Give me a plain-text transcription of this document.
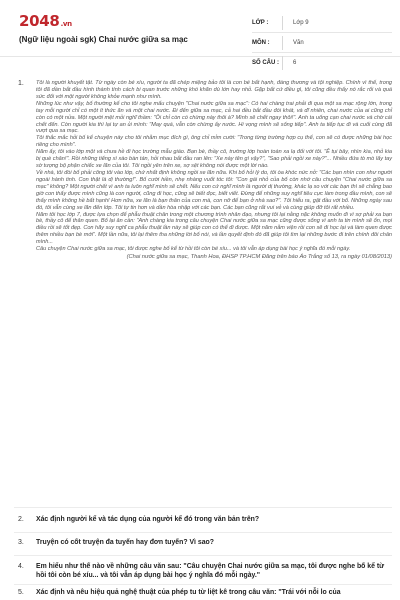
2048.vn
(Ngữ liệu ngoài sgk) Chai nước giữa sa mạc
LỚP :	Lớp 9
MÔN :	Văn
SỐ CÂU :	6
1. Tôi là người khuyết tật. Từ ngày còn bé xíu, người ta đã chép miệng bảo tôi là con bé bất hạnh, đáng thương và tội nghiệp. Chính vì thế, trong tôi đã dần bắt đầu hình thành tính cách bi quan trước những khó khăn dù lớn hay nhỏ. Gặp bất cứ điều gì, tôi cũng đều thấy nó rắc rối và quá sức đối với một người không khỏe mạnh như mình.

Những lúc như vậy, bố thường kể cho tôi nghe mẩu chuyện "Chai nước giữa sa mạc": Có hai chàng trai phải đi qua một sa mạc rộng lớn, trong tay mỗi người chỉ có một ít thức ăn và một chai nước. Đi đến giữa sa mạc, cả hai đều bắt đầu đói khát, và dĩ nhiên, chai nước của ai cũng chỉ còn có một nửa. Một người mệt mỏi nghĩ thầm: "Ôi chỉ còn có chừng này thôi à? Mình sẽ chết ngay thôi!". Anh ta uống cạn chai nước và chờ cái chết đến. Còn người kia thì lại tự an ủi mình: "May quá, vẫn còn chừng ấy nước. Hi vọng mình sẽ sống tiếp". Anh ta tiếp tục đi và cuối cùng đã vượt qua sa mạc.

Tôi thắc mắc hỏi bố kể chuyện này cho tôi nhằm mục đích gì, ông chỉ mỉm cười: "Trong từng trường hợp cụ thể, con sẽ có được những bài học riêng cho mình".

Năm ấy, tôi vào lớp một và chưa hề đi học trường mẫu giáo. Bạn bè, thầy cô, trường lớp hoàn toàn xa lạ đối với tôi. "Ê tụi bây, nhìn kìa, nhỏ kia bị què chân!". Rồi những tiếng xì xào bàn tán, hỏi nhau bắt đầu ran lên: "Xe này tên gì vậy?", "Sao phải ngồi xe này?"... Nhiều đứa tò mò lấy tay sờ tượng bộ phận chiếc xe lăn của tôi. Tôi ngồi yên trên xe, sợ sệt không nói được một lời nào.

Về nhà, tôi đòi bố phải cõng tôi vào lớp, chứ nhất định không ngồi xe lăn nữa. Khi bố hỏi lý do, tôi òa khóc nức nở: "Các bạn nhìn con như người ngoài hành tinh. Con thật là dị thường!". Bố cười hiền, nhẹ nhàng vuốt tóc tôi: "Con gái nhỏ của bố còn nhớ câu chuyện "Chai nước giữa sa mạc" không? Một người chết vì anh ta luôn nghĩ mình sẽ chết. Nếu con cứ nghĩ mình là người dị thường, khác lạ so với các bạn thì sẽ chẳng bao giờ con thấy được mình cũng là con người, cũng đi học, cũng sẽ biết đọc, biết viết. Đừng để những suy nghĩ tiêu cực làm trong đầu mình, con sẽ thấy mình không hề bất hạnh! Hơn nữa, xe lăn là bạn thân của con mà, con nỡ để bạn ở nhà sao?". Tôi hiểu ra, gật đầu với bố. Những ngày sau đó, tôi vẫn cùng xe lăn đến lớp. Tôi tự tin hơn và dần hòa nhập với các bạn. Các bạn cũng rất vui vẻ và cùng giúp đỡ tôi rất nhiều.

Năm tôi học lớp 7, được lựa chọn để phẫu thuật chân trong một chương trình nhân đạo, nhưng tôi lại nằng nặc không muốn đi vì sợ phải xa bạn bè, thầy cô để thân quen. Bố lại ân cần: "Anh chàng kia trong câu chuyện Chai nước giữa sa mạc cũng được sống vì anh ta tin mình sẽ ổn, mọi điều rồi sẽ tốt đẹp. Con hãy suy nghĩ ca phẫu thuật lần này sẽ giúp con có thể đi được. Một năm nằm viện rồi con sẽ đi học lại và làm quen được thêm nhiều bạn bè mới". Một lần nữa, tôi lại thêm tha những lời bố nói, và lần quyết định đó đã giúp tôi tìm lại những bước đi trên chính đôi chân mình...

Câu chuyện Chai nước giữa sa mạc, tôi được nghe bố kể từ hồi tôi còn bé xíu... và tôi vẫn áp dụng bài học ý nghĩa đó mỗi ngày.

(Chai nước giữa sa mạc, Thanh Hoa, ĐHSP TP.HCM Đăng trên báo Áo Trắng số 13, ra ngày 01/08/2013)
2. Xác định người kể và tác dụng của người kể đó trong văn bản trên?
3. Truyện có cốt truyện đa tuyến hay đơn tuyến? Vì sao?
4. Em hiểu như thế nào về những câu văn sau: "Câu chuyện Chai nước giữa sa mạc, tôi được nghe bố kể từ hồi tôi còn bé xíu... và tôi vẫn áp dụng bài học ý nghĩa đó mỗi ngày."
5. Xác định và nêu hiệu quả nghệ thuật của phép tu từ liệt kê trong câu văn: "Trái với nỗi lo của
